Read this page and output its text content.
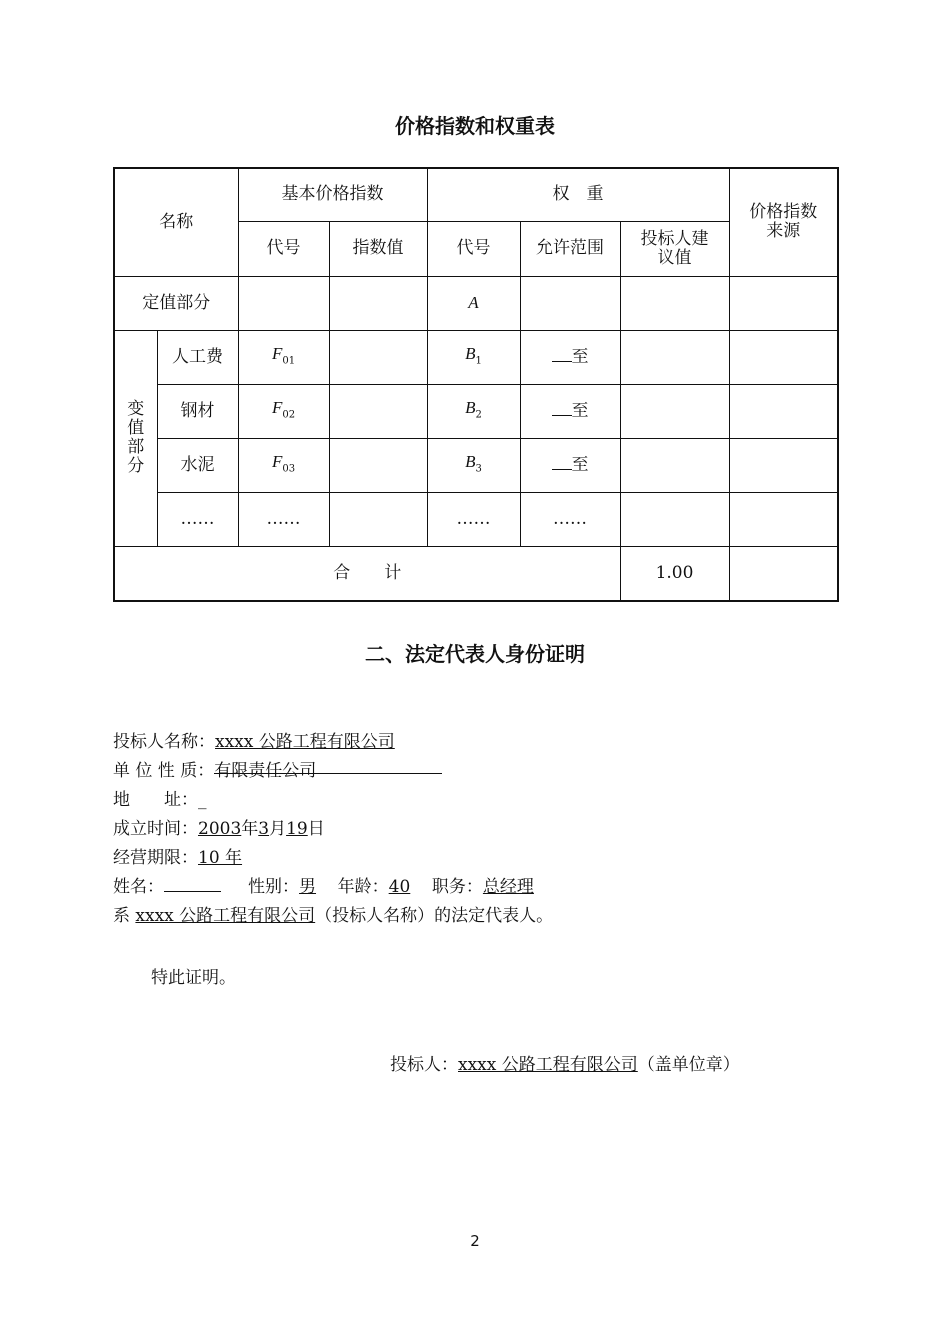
价格指数和权重表
名称		基本价格指数		权　重			价格指数来源
		代号	指数值	代号	允许范围	投标人建议值	
定值部分				A			
变值部分	人工费	$F_{01}$		$B_1$	至		
	钢材	$F_{02}$		$B_2$	至		
	水泥	$F_{03}$		$B_3$	至		
	……	……		……	……		
合　　计						1.00	
二、法定代表人身份证明

投标人名称：xxxx 公路工程有限公司

单 位 性 质：有限责任公司

地　　址：_

成立时间：2003年3月19日

经营期限：10 年

姓名：	性别：男 年龄：40 职务：总经理

系 xxxx 公路工程有限公司（投标人名称）的法定代表人。

特此证明。
投标人：xxxx 公路工程有限公司（盖单位章）
2
